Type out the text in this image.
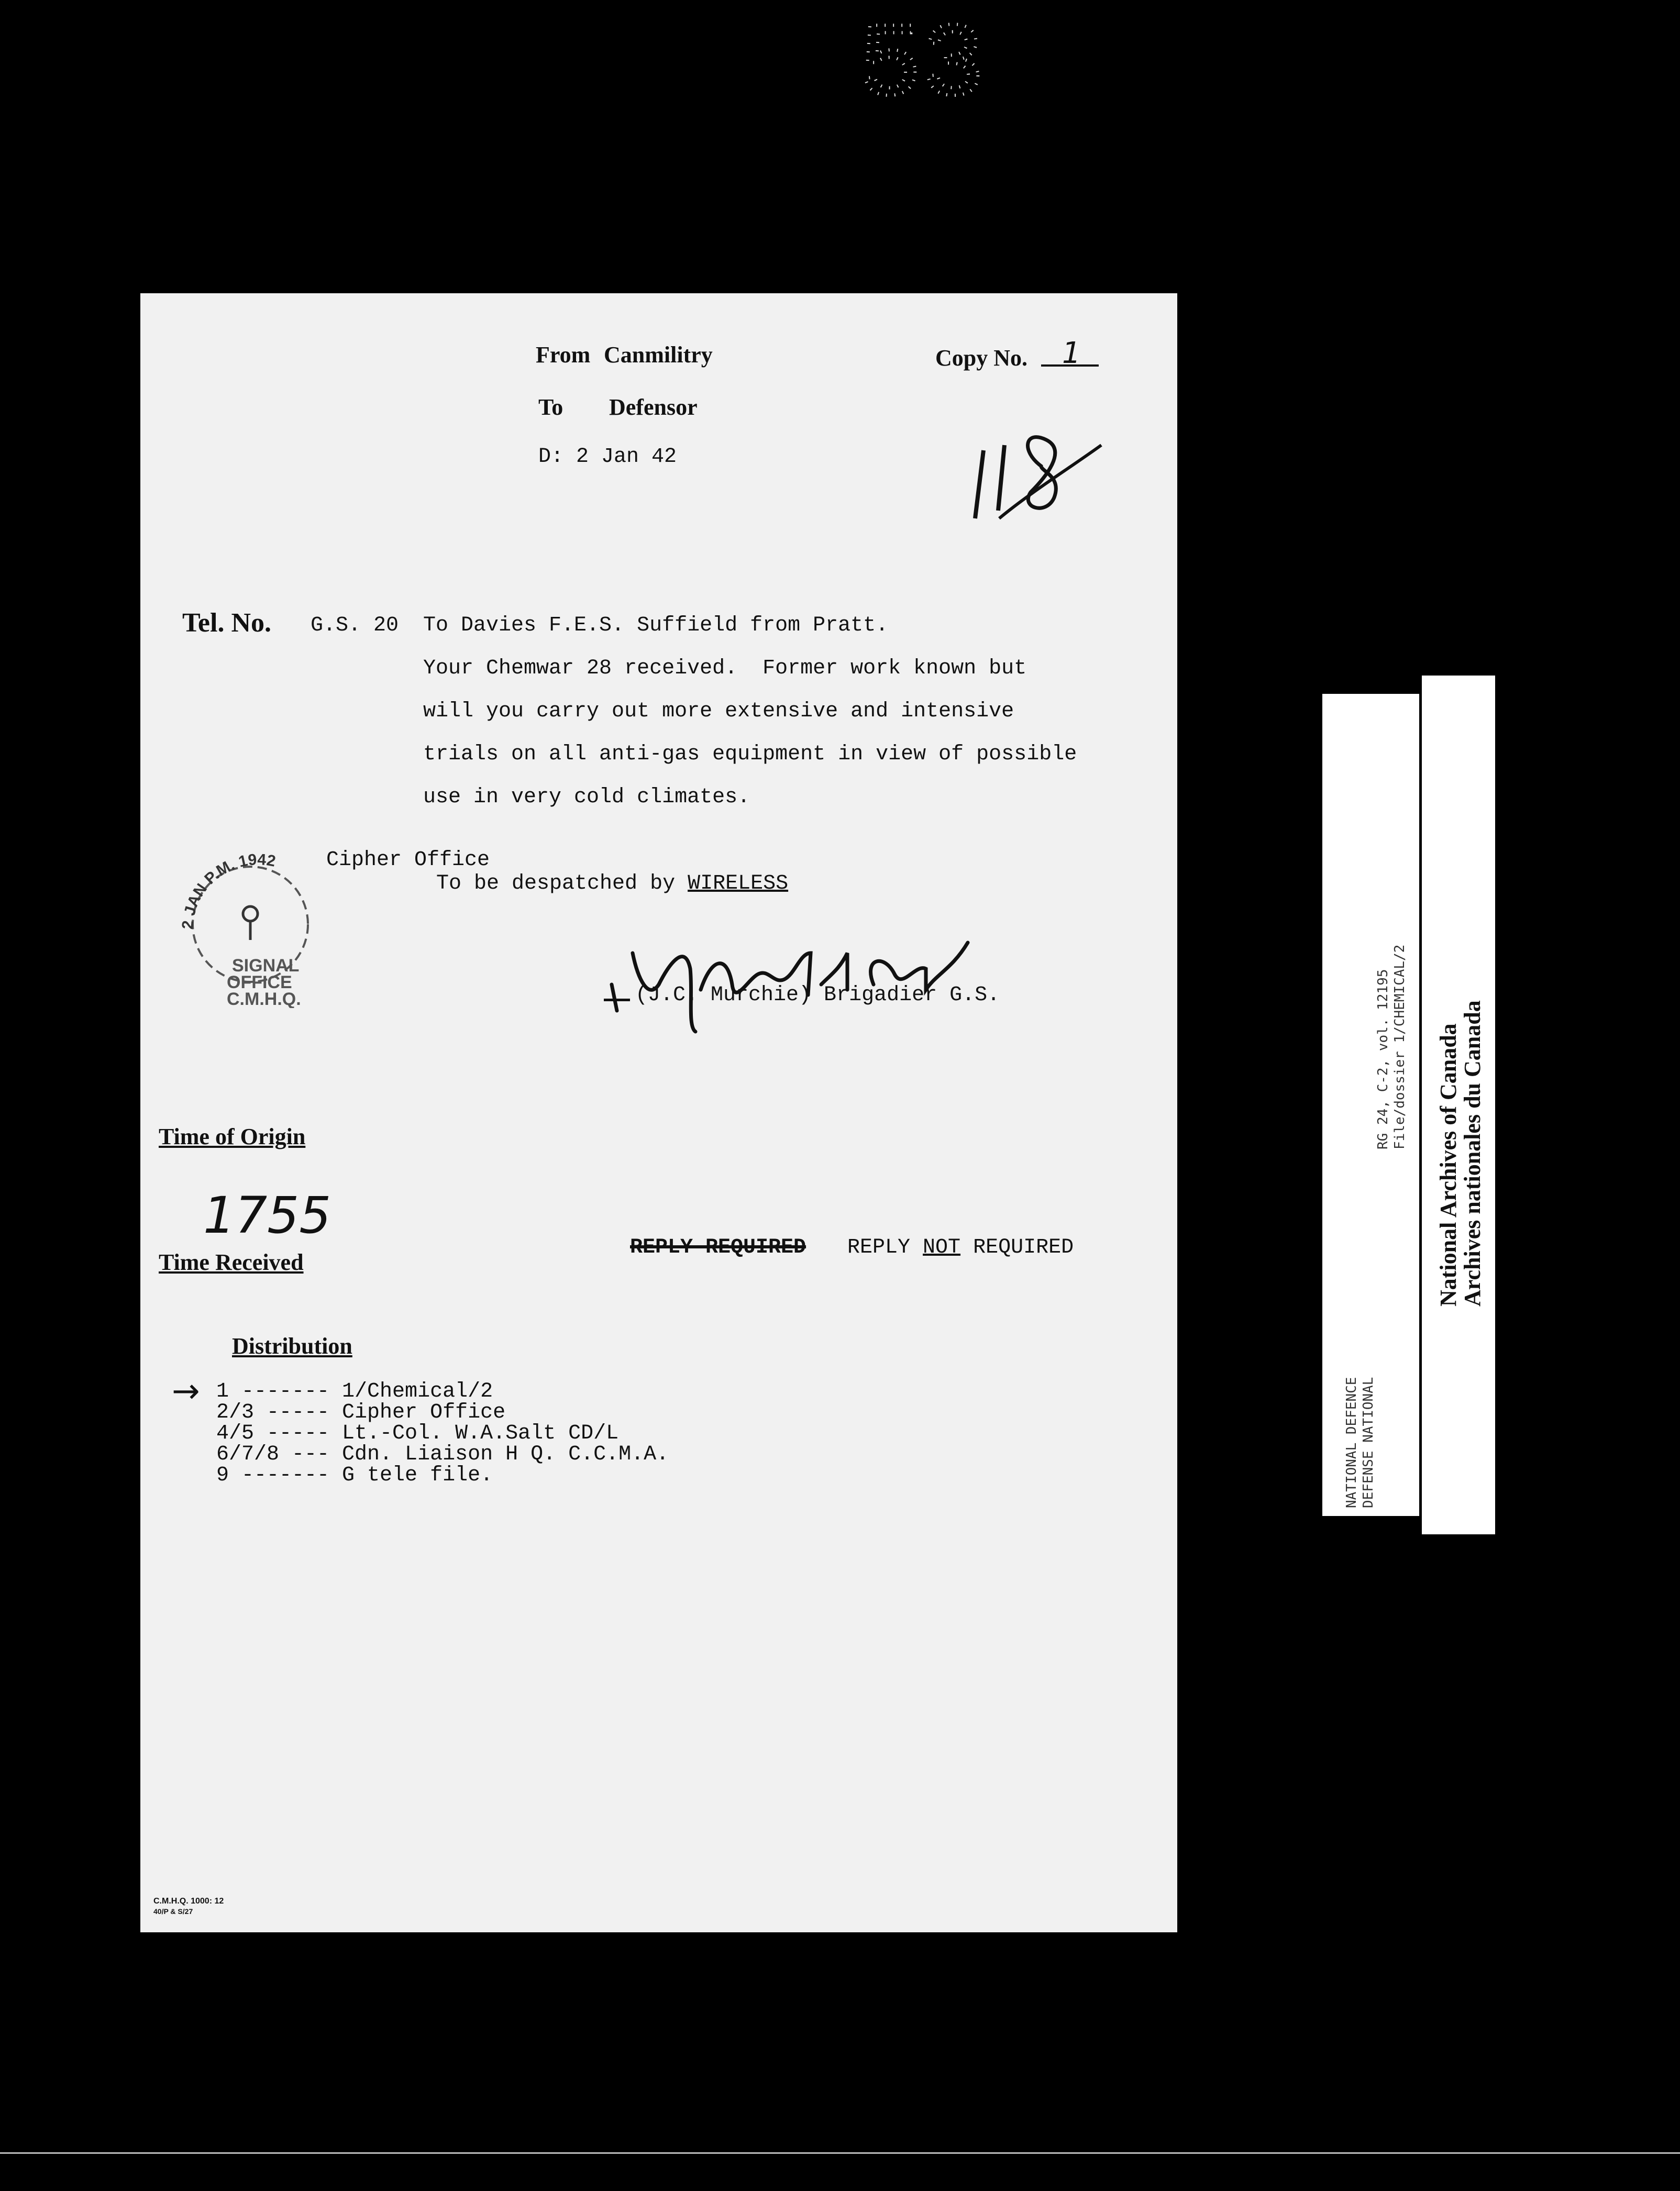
53
From Canmilitry
To Defensor
D: 2 Jan 42
Copy No. 1
Tel. No. G.S. 20 To Davies F.E.S. Suffield from Pratt.
Your Chemwar 28 received.  Former work known but
will you carry out more extensive and intensive
trials on all anti-gas equipment in view of possible
use in very cold climates.
Cipher Office
To be despatched by WIRELESS
2 JAN P.M. 1942
SIGNAL
OFFICE
C.M.H.Q.	(J.C. Murchie) Brigadier G.S.
Time of Origin
1755
Time Received
REPLY REQUIRED REPLY NOT REQUIRED
Distribution
→ 1 ------- 1/Chemical/2
2/3 ----- Cipher Office
4/5 ----- Lt.-Col. W.A.Salt CD/L
6/7/8 --- Cdn. Liaison H Q. C.C.M.A.
9 ------- G tele file.
C.M.H.Q. 1000: 12
40/P & S/27
NATIONAL DEFENCE
DEFENSE NATIONAL
RG 24, C-2, vol. 12195
File/dossier 1/CHEMICAL/2 National Archives of Canada
Archives nationales du Canada
